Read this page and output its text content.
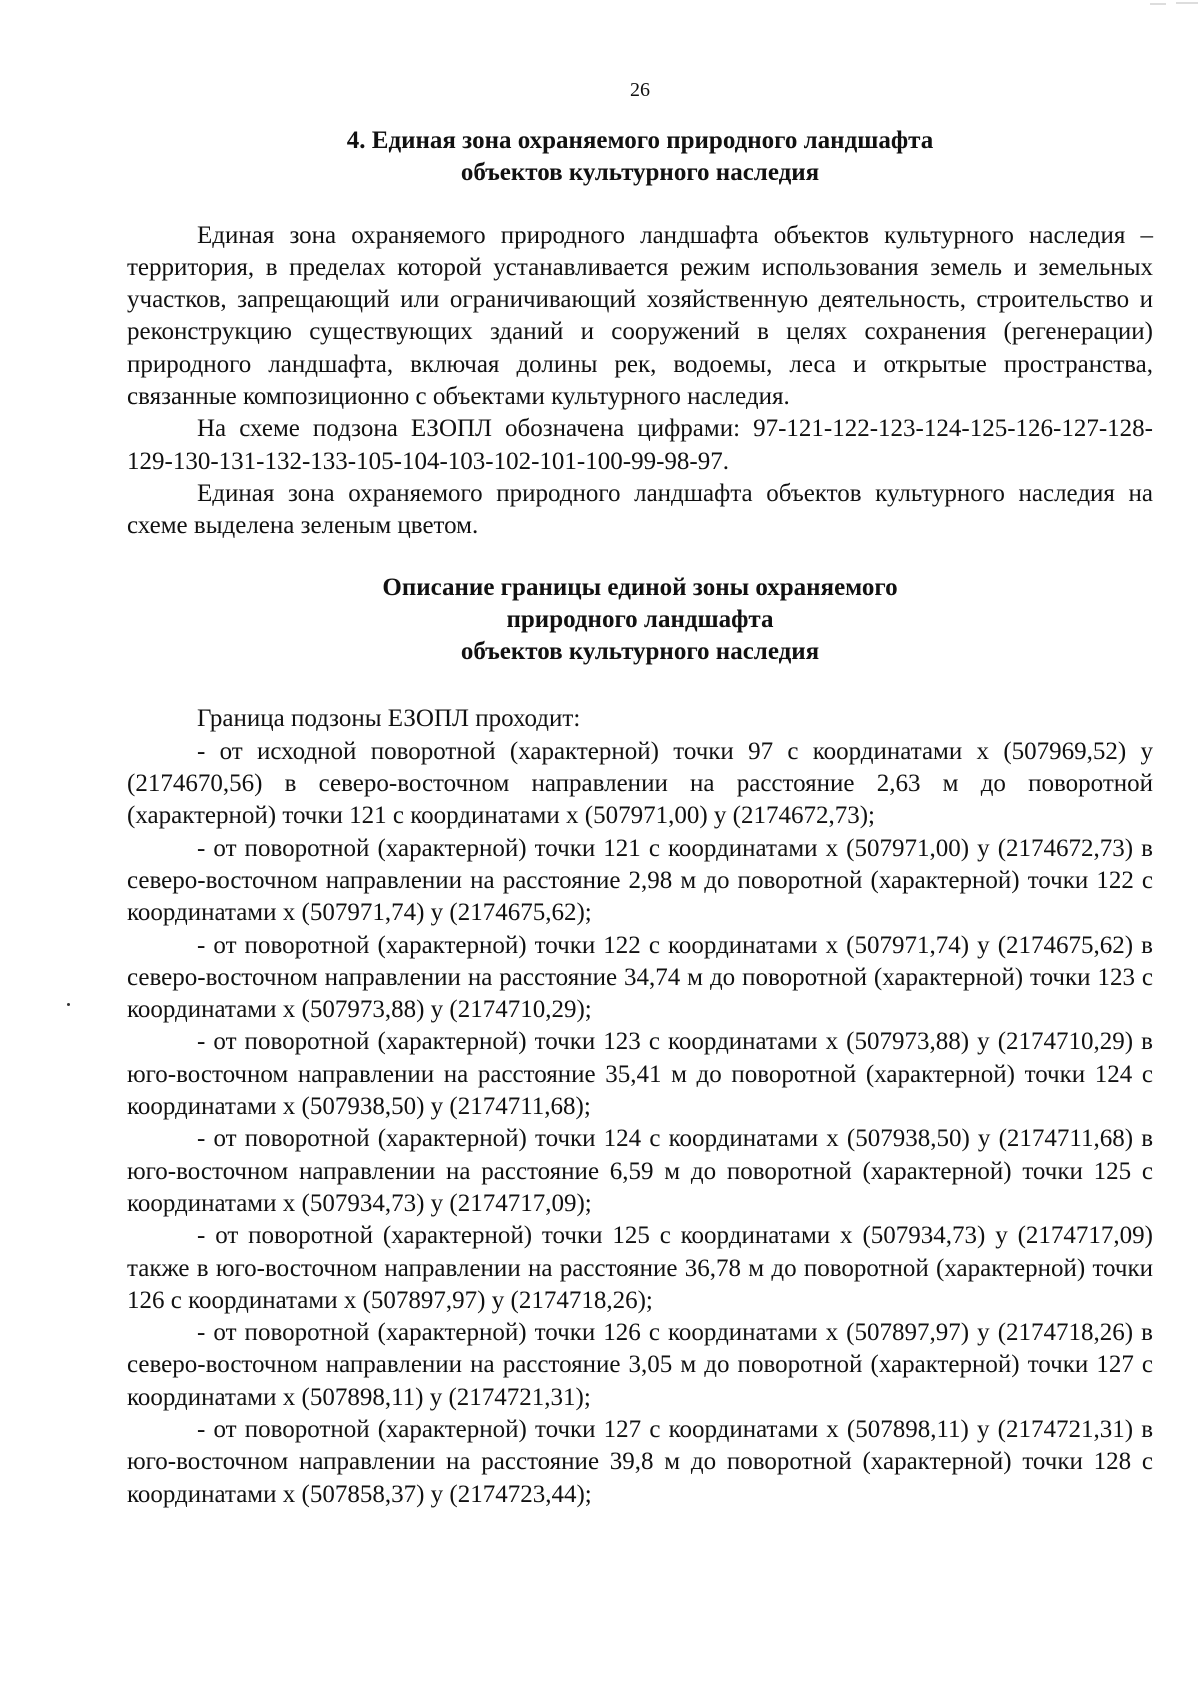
26
4. Единая зона охраняемого природного ландшафта
объектов культурного наследия

Единая зона охраняемого природного ландшафта объектов культурного наследия – территория, в пределах которой устанавливается режим использования земель и земельных участков, запрещающий или ограничивающий хозяйственную деятельность, строительство и реконструкцию существующих зданий и сооружений в целях сохранения (регенерации) природного ландшафта, включая долины рек, водоемы, леса и открытые пространства, связанные композиционно с объектами культурного наследия.

На схеме подзона ЕЗОПЛ обозначена цифрами: 97-121-122-123-124-125-126-127-128-129-130-131-132-133-105-104-103-102-101-100-99-98-97.

Единая зона охраняемого природного ландшафта объектов культурного наследия на схеме выделена зеленым цветом.

Описание границы единой зоны охраняемого
природного ландшафта
объектов культурного наследия

Граница подзоны ЕЗОПЛ проходит:

- от исходной поворотной (характерной) точки 97 с координатами х (507969,52) у (2174670,56) в северо-восточном направлении на расстояние 2,63 м до поворотной (характерной) точки 121 с координатами х (507971,00) у (2174672,73);

- от поворотной (характерной) точки 121 с координатами х (507971,00) у (2174672,73) в северо-восточном направлении на расстояние 2,98 м до поворотной (характерной) точки 122 с координатами х (507971,74) у (2174675,62);

- от поворотной (характерной) точки 122 с координатами х (507971,74) у (2174675,62) в северо-восточном направлении на расстояние 34,74 м до поворотной (характерной) точки 123 с координатами х (507973,88) у (2174710,29);

- от поворотной (характерной) точки 123 с координатами х (507973,88) у (2174710,29) в юго-восточном направлении на расстояние 35,41 м до поворотной (характерной) точки 124 с координатами х (507938,50) у (2174711,68);

- от поворотной (характерной) точки 124 с координатами х (507938,50) у (2174711,68) в юго-восточном направлении на расстояние 6,59 м до поворотной (характерной) точки 125 с координатами х (507934,73) у (2174717,09);

- от поворотной (характерной) точки 125 с координатами х (507934,73) у (2174717,09) также в юго-восточном направлении на расстояние 36,78 м до поворотной (характерной) точки 126 с координатами х (507897,97) у (2174718,26);

- от поворотной (характерной) точки 126 с координатами х (507897,97) у (2174718,26) в северо-восточном направлении на расстояние 3,05 м до поворотной (характерной) точки 127 с координатами х (507898,11) у (2174721,31);

- от поворотной (характерной) точки 127 с координатами х (507898,11) у (2174721,31) в юго-восточном направлении на расстояние 39,8 м до поворотной (характерной) точки 128 с координатами х (507858,37) у (2174723,44);
